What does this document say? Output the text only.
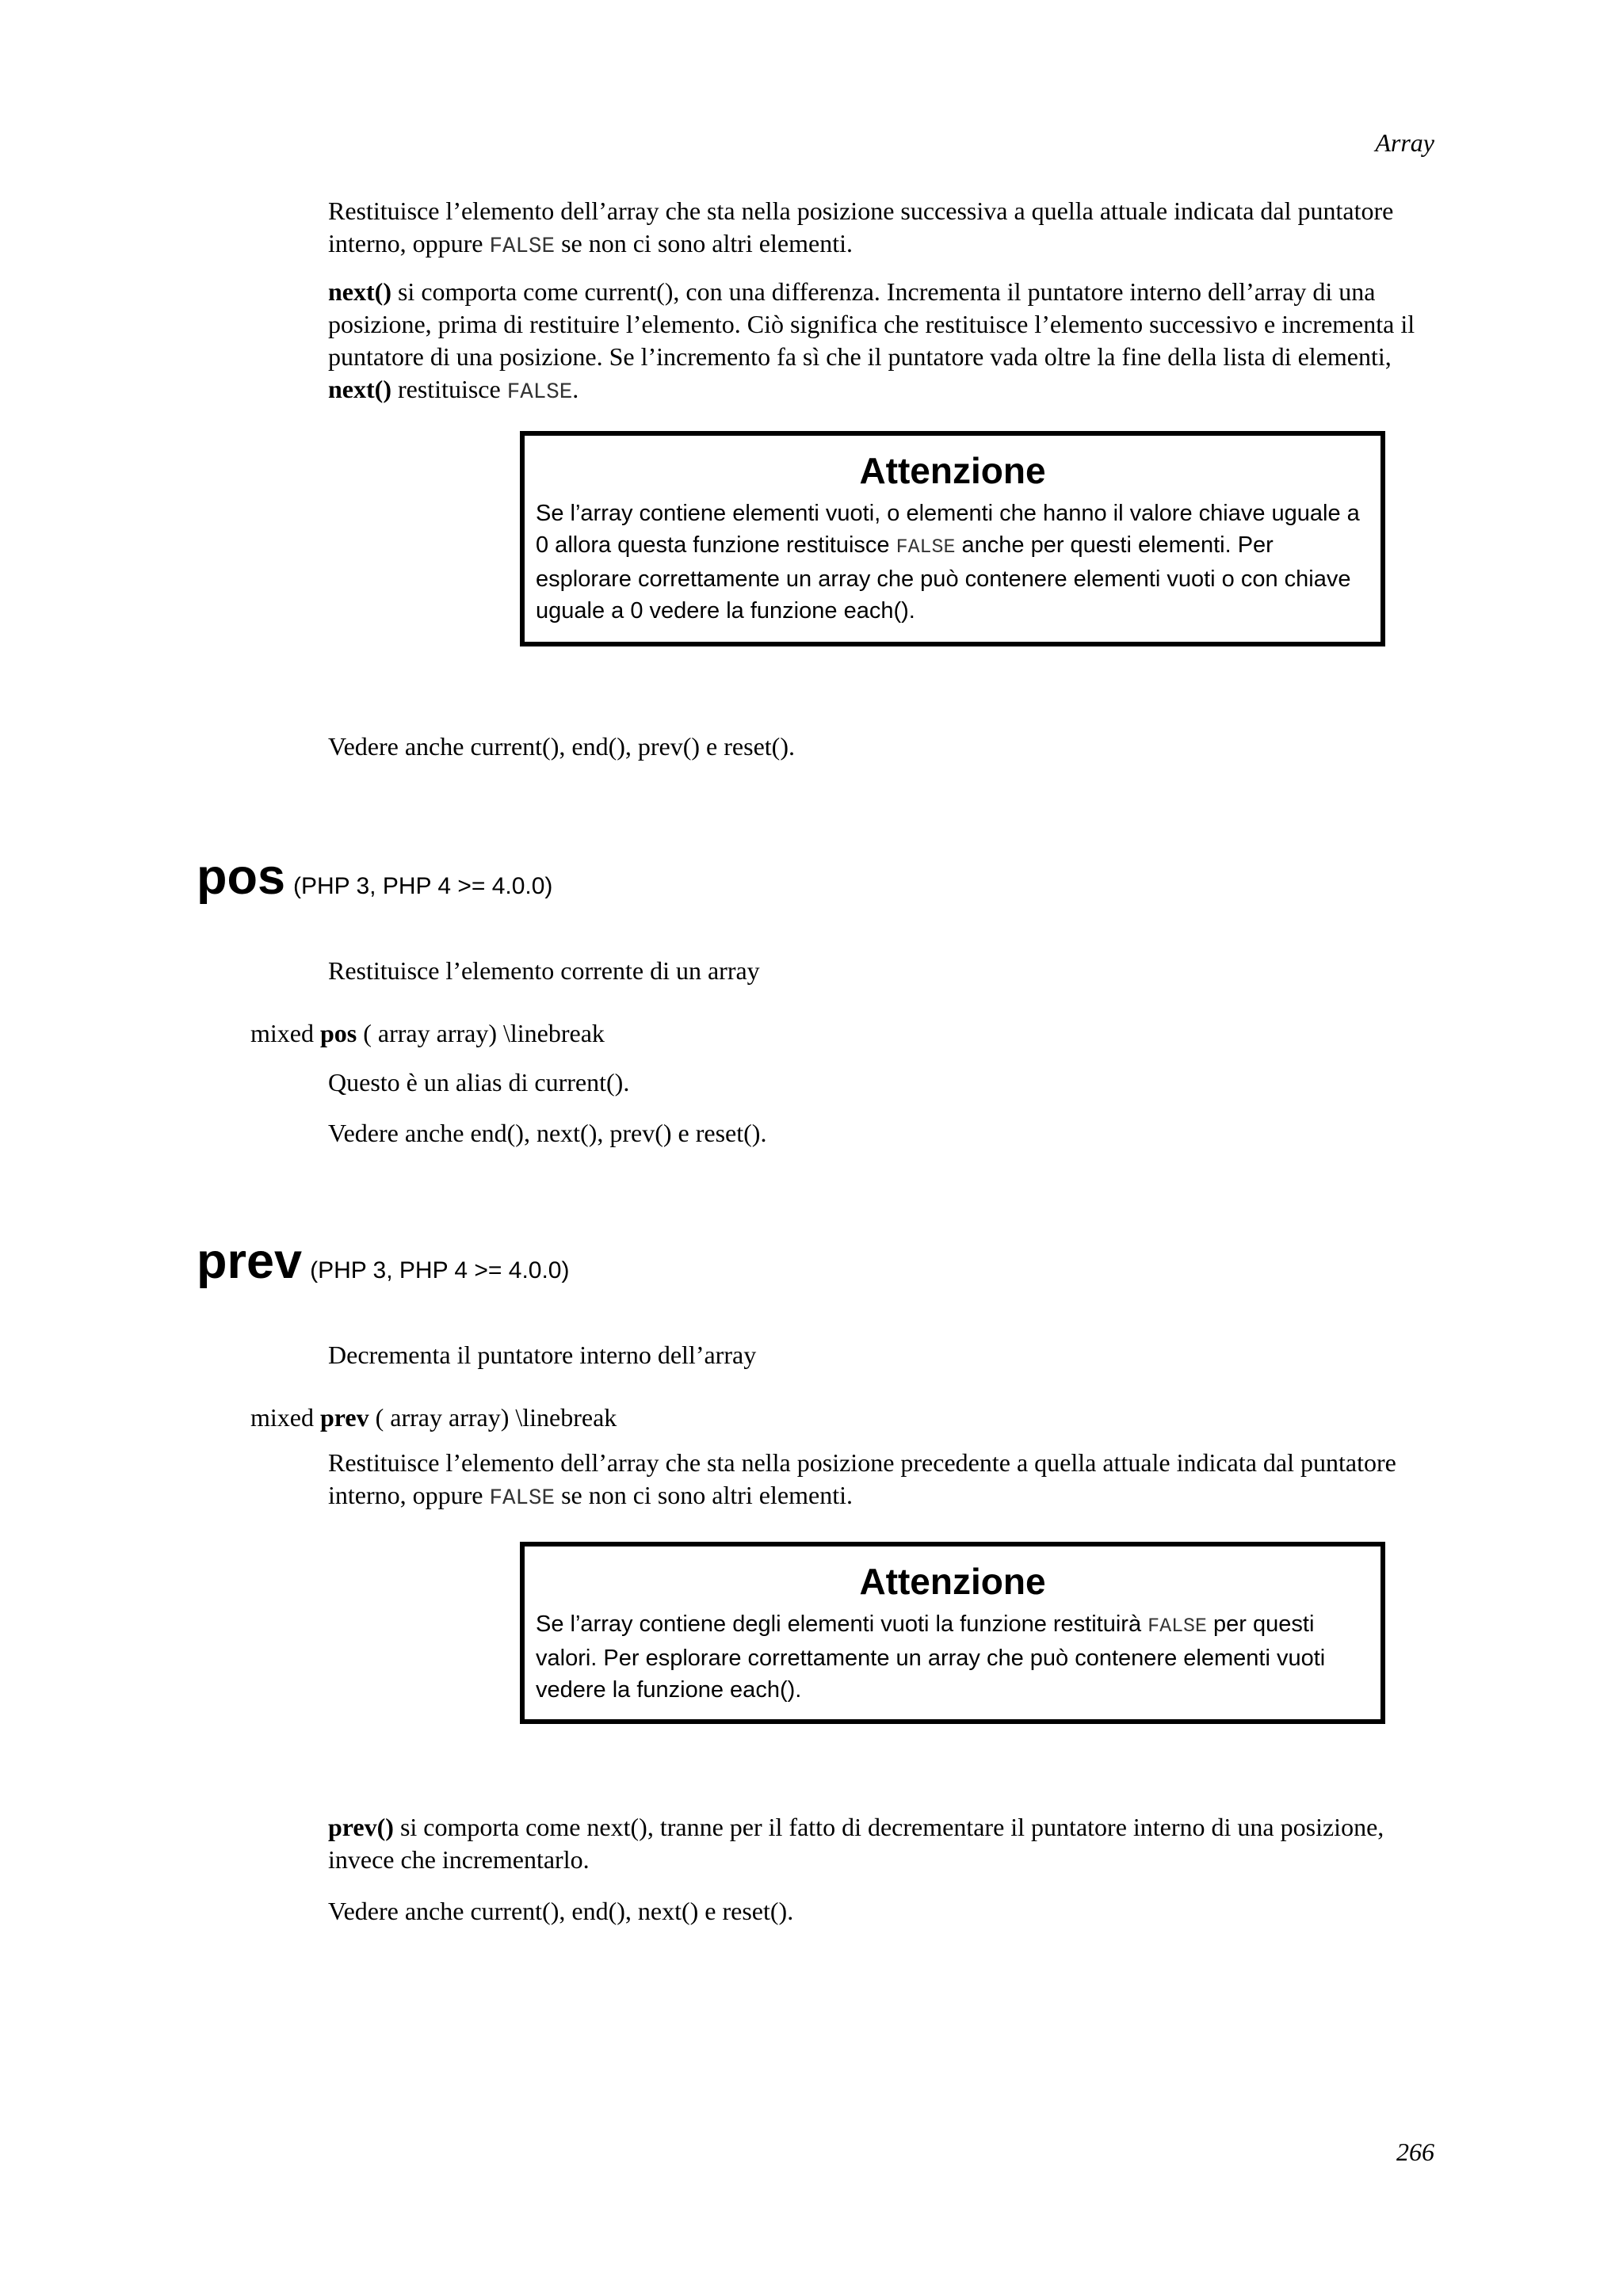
Array
Restituisce l’elemento dell’array che sta nella posizione successiva a quella attuale indicata dal puntatore interno, oppure FALSE se non ci sono altri elementi.
next() si comporta come current(), con una differenza. Incrementa il puntatore interno dell’array di una posizione, prima di restituire l’elemento. Ciò significa che restituisce l’elemento successivo e incrementa il puntatore di una posizione. Se l’incremento fa sì che il puntatore vada oltre la fine della lista di elementi, next() restituisce FALSE.
Attenzione
Se l’array contiene elementi vuoti, o elementi che hanno il valore chiave uguale a 0 allora questa funzione restituisce FALSE anche per questi elementi. Per esplorare correttamente un array che può contenere elementi vuoti o con chiave uguale a 0 vedere la funzione each().
Vedere anche current(), end(), prev() e reset().
pos (PHP 3, PHP 4 >= 4.0.0)
Restituisce l’elemento corrente di un array
mixed pos ( array array) \linebreak
Questo è un alias di current().
Vedere anche end(), next(), prev() e reset().
prev (PHP 3, PHP 4 >= 4.0.0)
Decrementa il puntatore interno dell’array
mixed prev ( array array) \linebreak
Restituisce l’elemento dell’array che sta nella posizione precedente a quella attuale indicata dal puntatore interno, oppure FALSE se non ci sono altri elementi.
Attenzione
Se l’array contiene degli elementi vuoti la funzione restituirà FALSE per questi valori. Per esplorare correttamente un array che può contenere elementi vuoti vedere la funzione each().
prev() si comporta come next(), tranne per il fatto di decrementare il puntatore interno di una posizione, invece che incrementarlo.
Vedere anche current(), end(), next() e reset().
266
